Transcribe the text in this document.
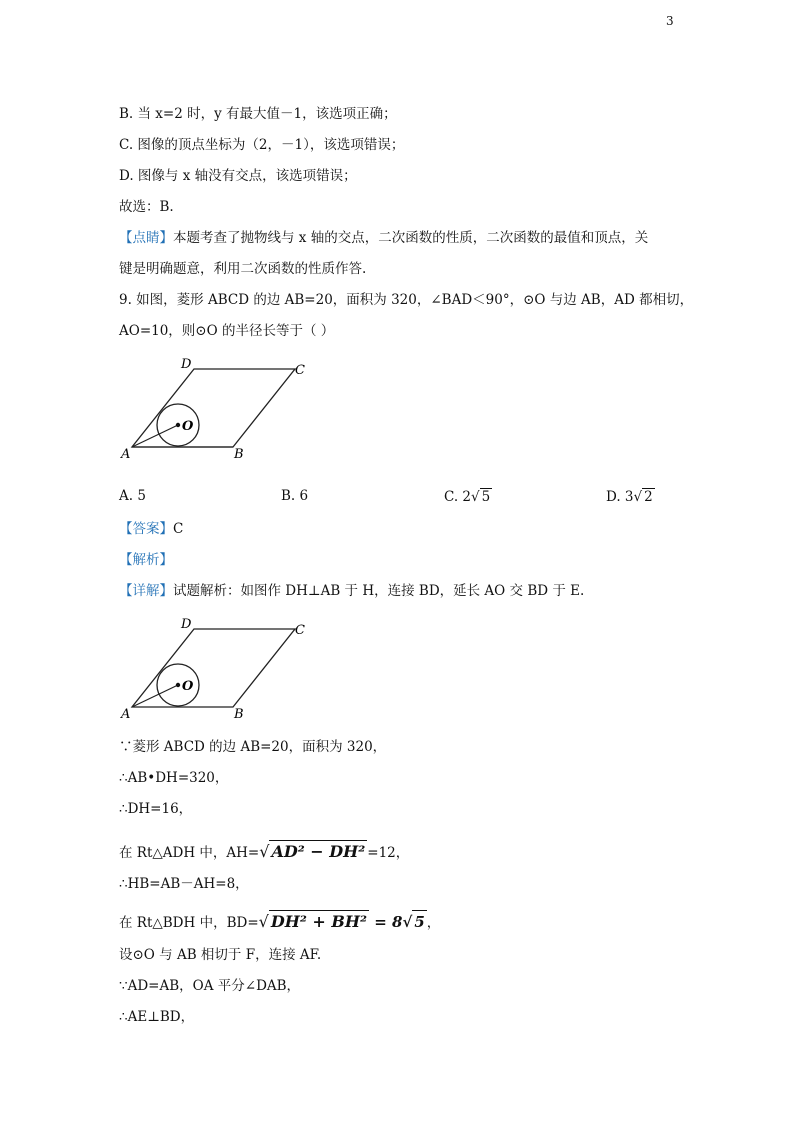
3
B. 当 x=2 时，y 有最大值－1，该选项正确；
C. 图像的顶点坐标为（2，－1），该选项错误；
D. 图像与 x 轴没有交点，该选项错误；
故选：B.
【点睛】本题考查了抛物线与 x 轴的交点，二次函数的性质，二次函数的最值和顶点，关
键是明确题意，利用二次函数的性质作答.
9. 如图，菱形 ABCD 的边 AB=20，面积为 320，∠BAD＜90°，⊙O 与边 AB，AD 都相切，
AO=10，则⊙O 的半径长等于（ ）
A	B
C
D
O
A. 5	B. 6	C. 2√ 5	D. 3√ 2
【答案】C
【解析】
【详解】试题解析：如图作 DH⊥AB 于 H，连接 BD，延长 AO 交 BD 于 E.
A	B
C
D
O
∵菱形 ABCD 的边 AB=20，面积为 320，
∴AB•DH=320，
∴DH=16，
在 Rt△ADH 中，AH=√ AD² − DH² =12，
∴HB=AB－AH=8，
在 Rt△BDH 中，BD=√ DH² + BH² = 8√ 5 ，
设⊙O 与 AB 相切于 F，连接 AF.
∵AD=AB，OA 平分∠DAB，
∴AE⊥BD，
